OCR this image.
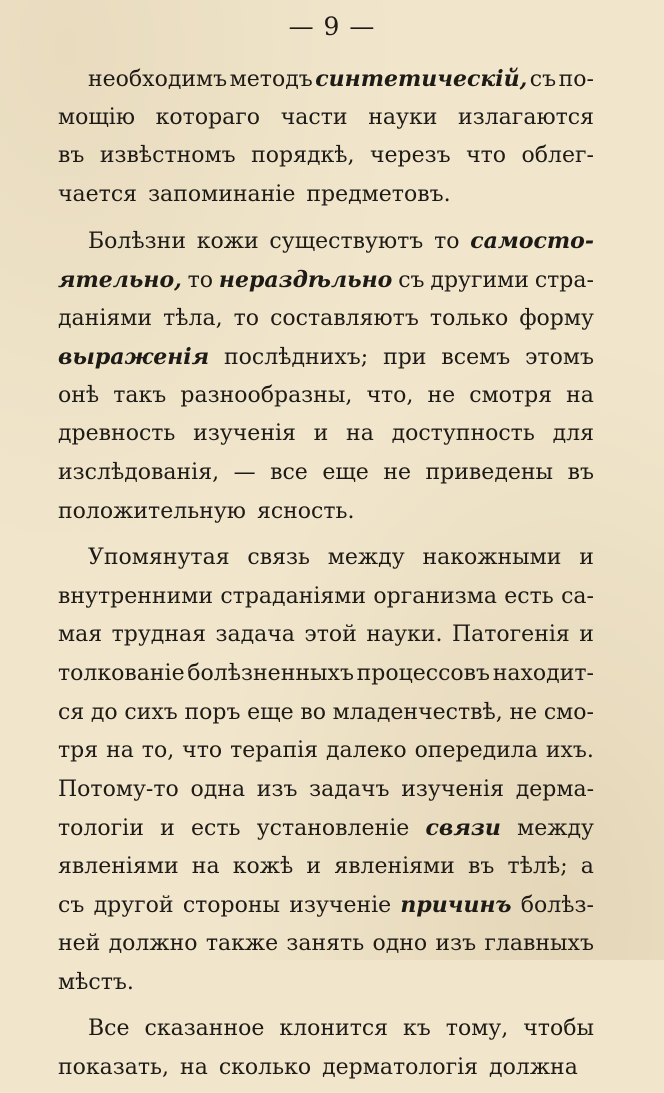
— 9 —
необходимъ методъ синтетическій, съ по-
мощію котораго части науки излагаются
въ извѣстномъ порядкѣ, черезъ что облег-
чается запоминаніе предметовъ.
Болѣзни кожи существуютъ то самосто-
ятельно, то нераздѣльно съ другими стра-
даніями тѣла, то составляютъ только форму
выраженія послѣднихъ; при всемъ этомъ
онѣ такъ разнообразны, что, не смотря на
древность изученія и на доступность для
изслѣдованія, — все еще не приведены въ
положительную ясность.
Упомянутая связь между накожными и
внутренними страданіями организма есть са-
мая трудная задача этой науки. Патогенія и
толкованіе болѣзненныхъ процессовъ находит-
ся до сихъ поръ еще во младенчествѣ, не смо-
тря на то, что терапія далеко опередила ихъ.
Потому-то одна изъ задачъ изученія дерма-
тологіи и есть установленіе связи между
явленіями на кожѣ и явленіями въ тѣлѣ; а
съ другой стороны изученіе причинъ болѣз-
ней должно также занять одно изъ главныхъ
мѣстъ.
Все сказанное клонится къ тому, чтобы
показать, на сколько дерматологія должна
